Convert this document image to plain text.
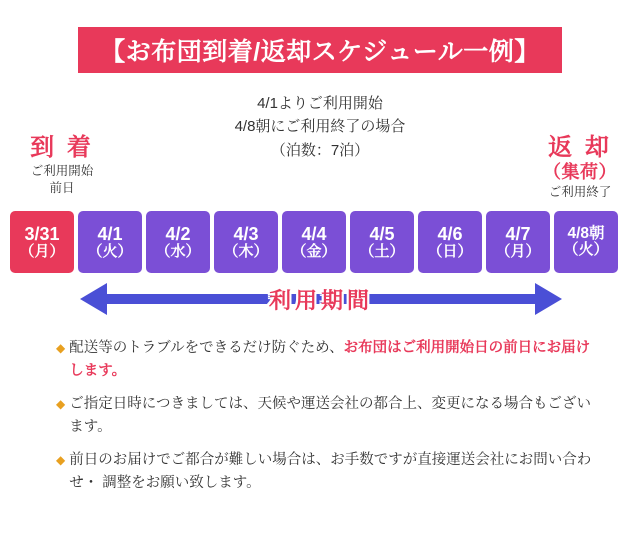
【お布団到着/返却スケジュール一例】
4/1よりご利用開始
4/8朝にご利用終了の場合
（泊数：7泊）
到 着
ご利用開始
前日
返 却
（集荷）
ご利用終了
3/31
（月）
4/1
（火）
4/2
（水）
4/3
（木）
4/4
（金）
4/5
（土）
4/6
（日）
4/7
（月）
4/8朝
（火）
利用期間
◆ 配送等のトラブルをできるだけ防ぐため、お布団はご利用開始日の前日にお届けします。
◆ ご指定日時につきましては、天候や運送会社の都合上、変更になる場合もございます。
◆ 前日のお届けでご都合が難しい場合は、お手数ですが直接運送会社にお問い合わせ・ 調整をお願い致します。
